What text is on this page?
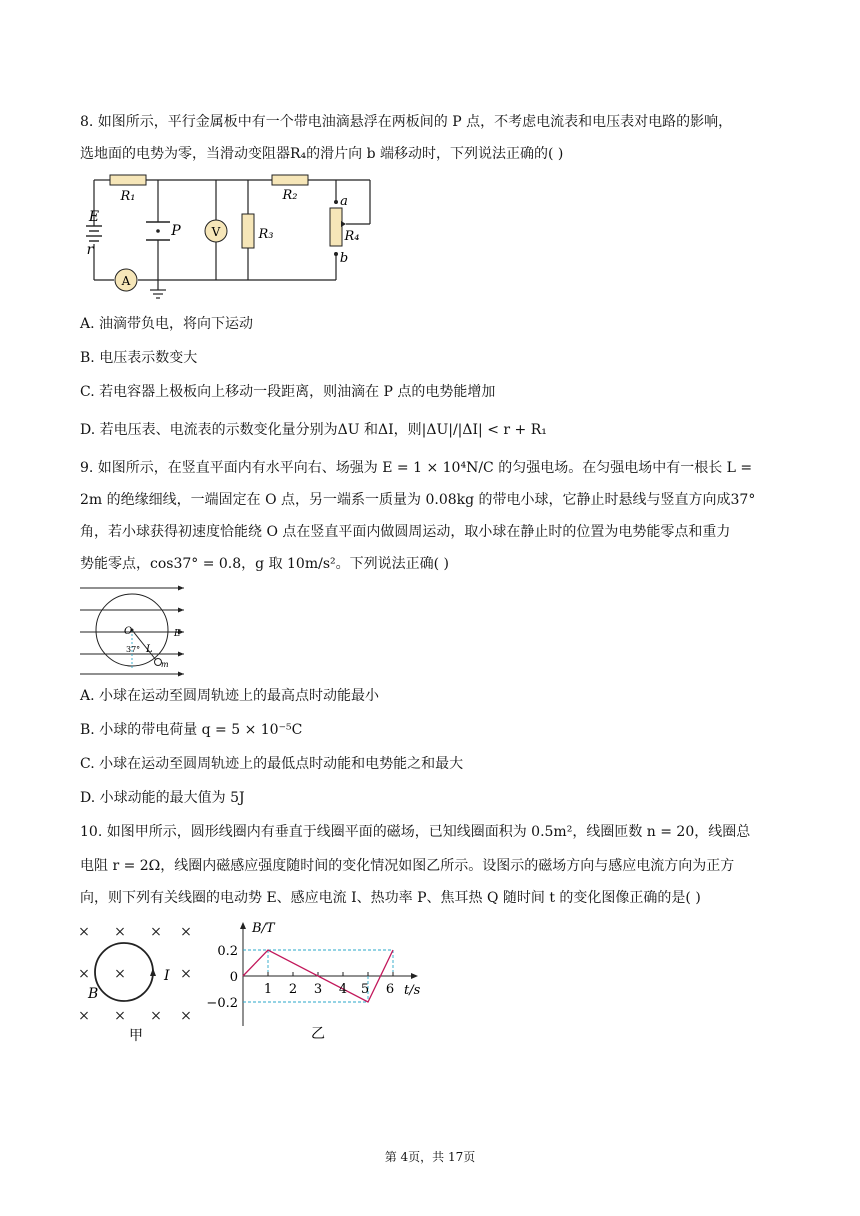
8. 如图所示，平行金属板中有一个带电油滴悬浮在两板间的 P 点，不考虑电流表和电压表对电路的影响，
选地面的电势为零，当滑动变阻器R₄的滑片向 b 端移动时，下列说法正确的( )
E
r
R₁	R₂
R₃	R₄
P	V
A
a
b
A. 油滴带负电，将向下运动
B. 电压表示数变大
C. 若电容器上极板向上移动一段距离，则油滴在 P 点的电势能增加
D. 若电压表、电流表的示数变化量分别为ΔU 和ΔI，则|ΔU|/|ΔI| < r + R₁
9. 如图所示，在竖直平面内有水平向右、场强为 E = 1 × 10⁴N/C 的匀强电场。在匀强电场中有一根长 L =
2m 的绝缘细线，一端固定在 O 点，另一端系一质量为 0.08kg 的带电小球，它静止时悬线与竖直方向成37°
角，若小球获得初速度恰能绕 O 点在竖直平面内做圆周运动，取小球在静止时的位置为电势能零点和重力
势能零点，cos37° = 0.8，g 取 10m/s²。下列说法正确( )
O	E
37° L
m
A. 小球在运动至圆周轨迹上的最高点时动能最小
B. 小球的带电荷量 q = 5 × 10⁻⁵C
C. 小球在运动至圆周轨迹上的最低点时动能和电势能之和最大
D. 小球动能的最大值为 5J
10. 如图甲所示，圆形线圈内有垂直于线圈平面的磁场，已知线圈面积为 0.5m²，线圈匝数 n = 20，线圈总
电阻 r = 2Ω，线圈内磁感应强度随时间的变化情况如图乙所示。设图示的磁场方向与感应电流方向为正方
向，则下列有关线圈的电动势 E、感应电流 I、热功率 P、焦耳热 Q 随时间 t 的变化图像正确的是( )
× × × ×
× ×	×
× × × ×
B
I
甲
B/T
t/s
0.2
0
−0.2
1 2 3 4 5 6
乙
第 4页，共 17页
